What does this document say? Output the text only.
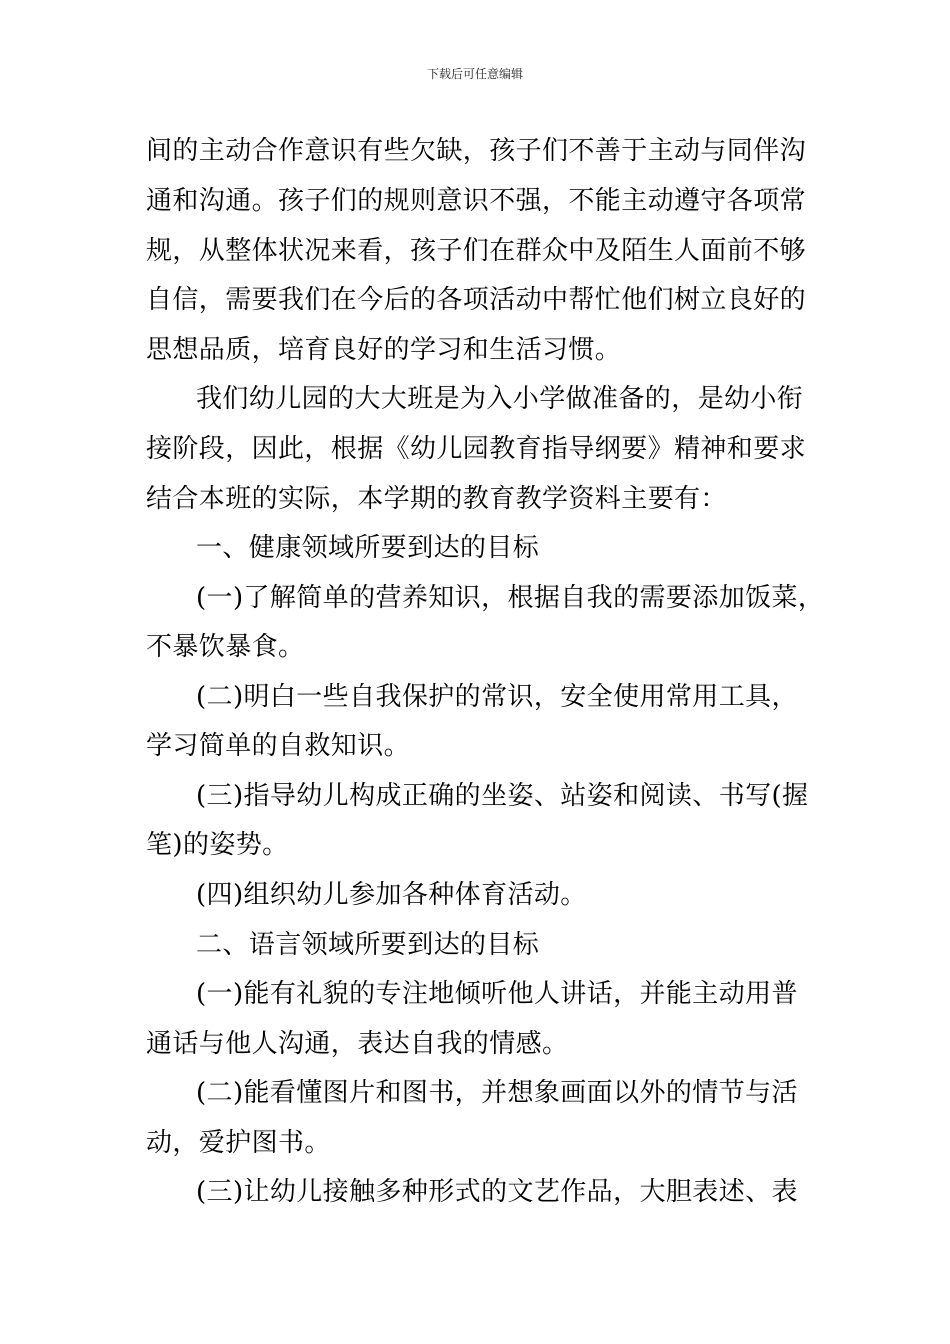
下载后可任意编辑
间的主动合作意识有些欠缺，孩子们不善于主动与同伴沟
通和沟通。孩子们的规则意识不强，不能主动遵守各项常
规，从整体状况来看，孩子们在群众中及陌生人面前不够
自信，需要我们在今后的各项活动中帮忙他们树立良好的
思想品质，培育良好的学习和生活习惯。
我们幼儿园的大大班是为入小学做准备的，是幼小衔
接阶段，因此，根据《幼儿园教育指导纲要》精神和要求
结合本班的实际，本学期的教育教学资料主要有：
一、健康领域所要到达的目标
(一)了解简单的营养知识，根据自我的需要添加饭菜，
不暴饮暴食。
(二)明白一些自我保护的常识，安全使用常用工具，
学习简单的自救知识。
(三)指导幼儿构成正确的坐姿、站姿和阅读、书写(握
笔)的姿势。
(四)组织幼儿参加各种体育活动。
二、语言领域所要到达的目标
(一)能有礼貌的专注地倾听他人讲话，并能主动用普
通话与他人沟通，表达自我的情感。
(二)能看懂图片和图书，并想象画面以外的情节与活
动，爱护图书。
(三)让幼儿接触多种形式的文艺作品，大胆表述、表
